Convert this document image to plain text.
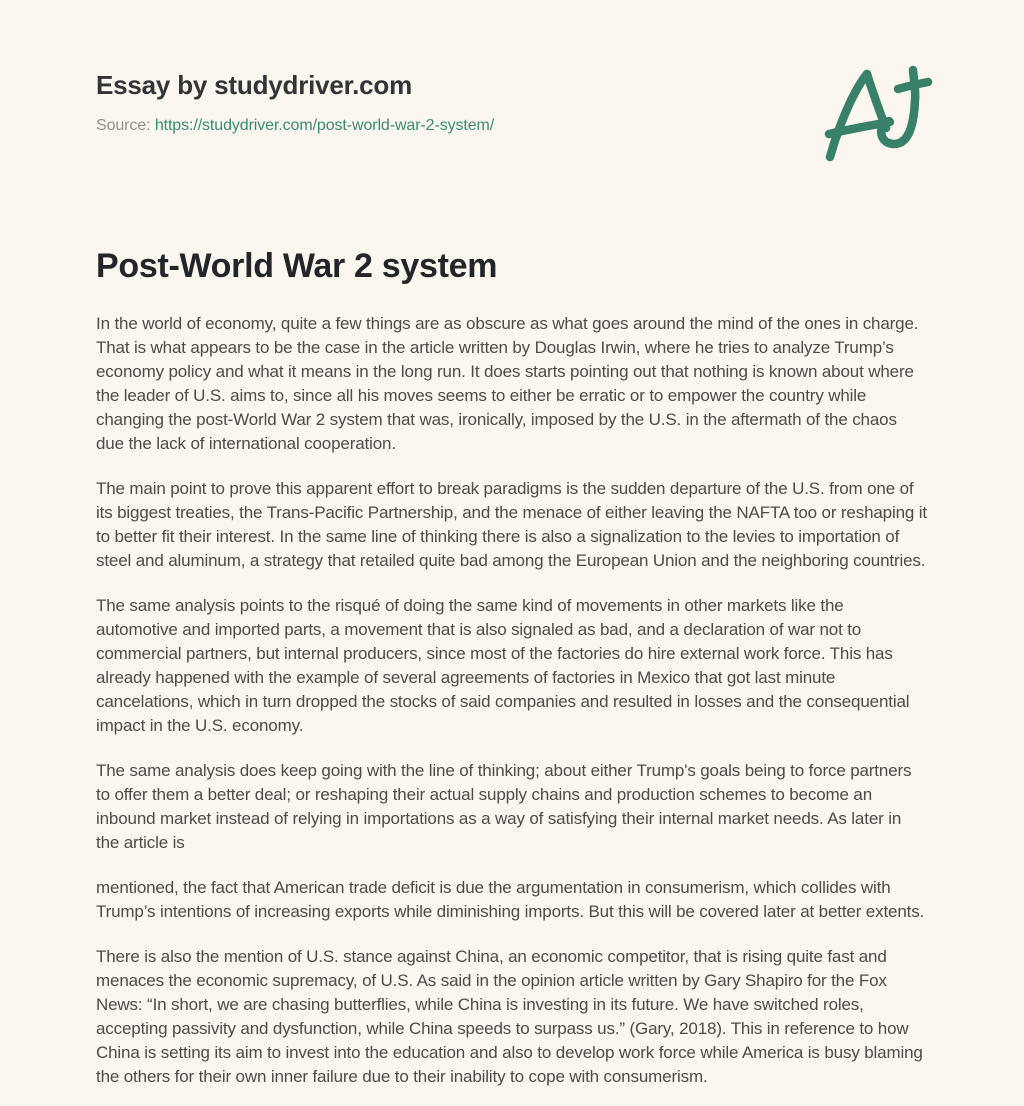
Essay by studydriver.com
Source: https://studydriver.com/post-world-war-2-system/
Post-World War 2 system

In the world of economy, quite a few things are as obscure as what goes around the mind of the ones in charge. That is what appears to be the case in the article written by Douglas Irwin, where he tries to analyze Trump’s economy policy and what it means in the long run. It does starts pointing out that nothing is known about where the leader of U.S. aims to, since all his moves seems to either be erratic or to empower the country while changing the post-World War 2 system that was, ironically, imposed by the U.S. in the aftermath of the chaos due the lack of international cooperation.

The main point to prove this apparent effort to break paradigms is the sudden departure of the U.S. from one of its biggest treaties, the Trans-Pacific Partnership, and the menace of either leaving the NAFTA too or reshaping it to better fit their interest. In the same line of thinking there is also a signalization to the levies to importation of steel and aluminum, a strategy that retailed quite bad among the European Union and the neighboring countries.

The same analysis points to the risqué of doing the same kind of movements in other markets like the automotive and imported parts, a movement that is also signaled as bad, and a declaration of war not to commercial partners, but internal producers, since most of the factories do hire external work force. This has already happened with the example of several agreements of factories in Mexico that got last minute cancelations, which in turn dropped the stocks of said companies and resulted in losses and the consequential impact in the U.S. economy.

The same analysis does keep going with the line of thinking; about either Trump's goals being to force partners to offer them a better deal; or reshaping their actual supply chains and production schemes to become an inbound market instead of relying in importations as a way of satisfying their internal market needs. As later in the article is

mentioned, the fact that American trade deficit is due the argumentation in consumerism, which collides with Trump’s intentions of increasing exports while diminishing imports. But this will be covered later at better extents.

There is also the mention of U.S. stance against China, an economic competitor, that is rising quite fast and menaces the economic supremacy, of U.S. As said in the opinion article written by Gary Shapiro for the Fox News: “In short, we are chasing butterflies, while China is investing in its future. We have switched roles, accepting passivity and dysfunction, while China speeds to surpass us.” (Gary, 2018). This in reference to how China is setting its aim to invest into the education and also to develop work force while America is busy blaming the others for their own inner failure due to their inability to cope with consumerism.
